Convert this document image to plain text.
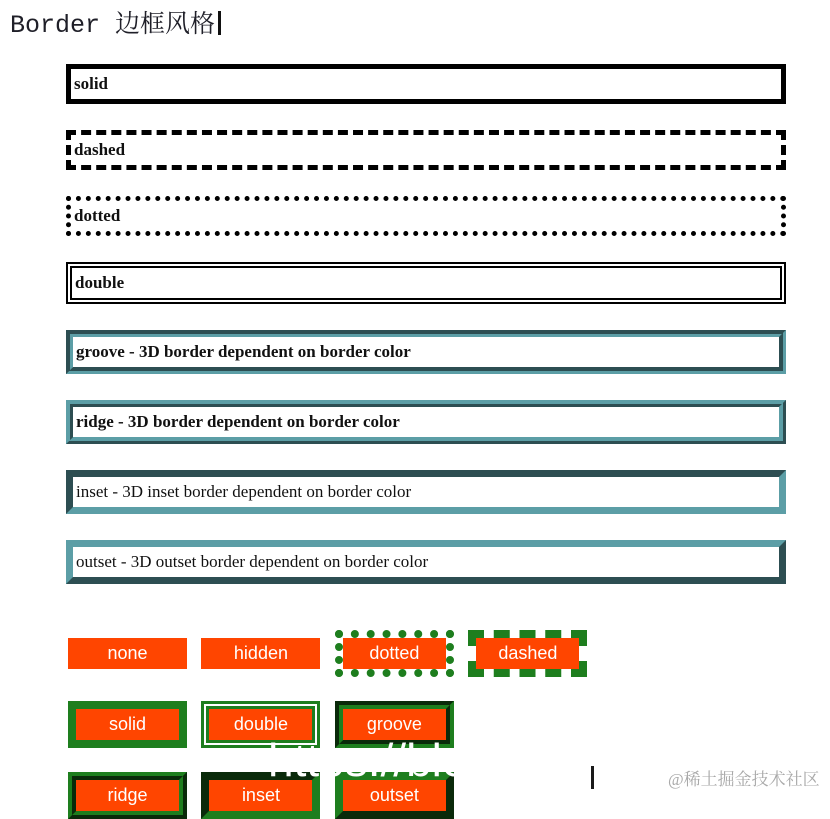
Border 边框风格

solid

dashed

dotted

double

groove - 3D border dependent on border color

ridge - 3D border dependent on border color

inset - 3D inset border dependent on border color

outset - 3D outset border dependent on border color

none	hidden	dotted	dashed
solid	double	groove
ridge	inset	outset
https://blog	@稀土掘金技术社区
